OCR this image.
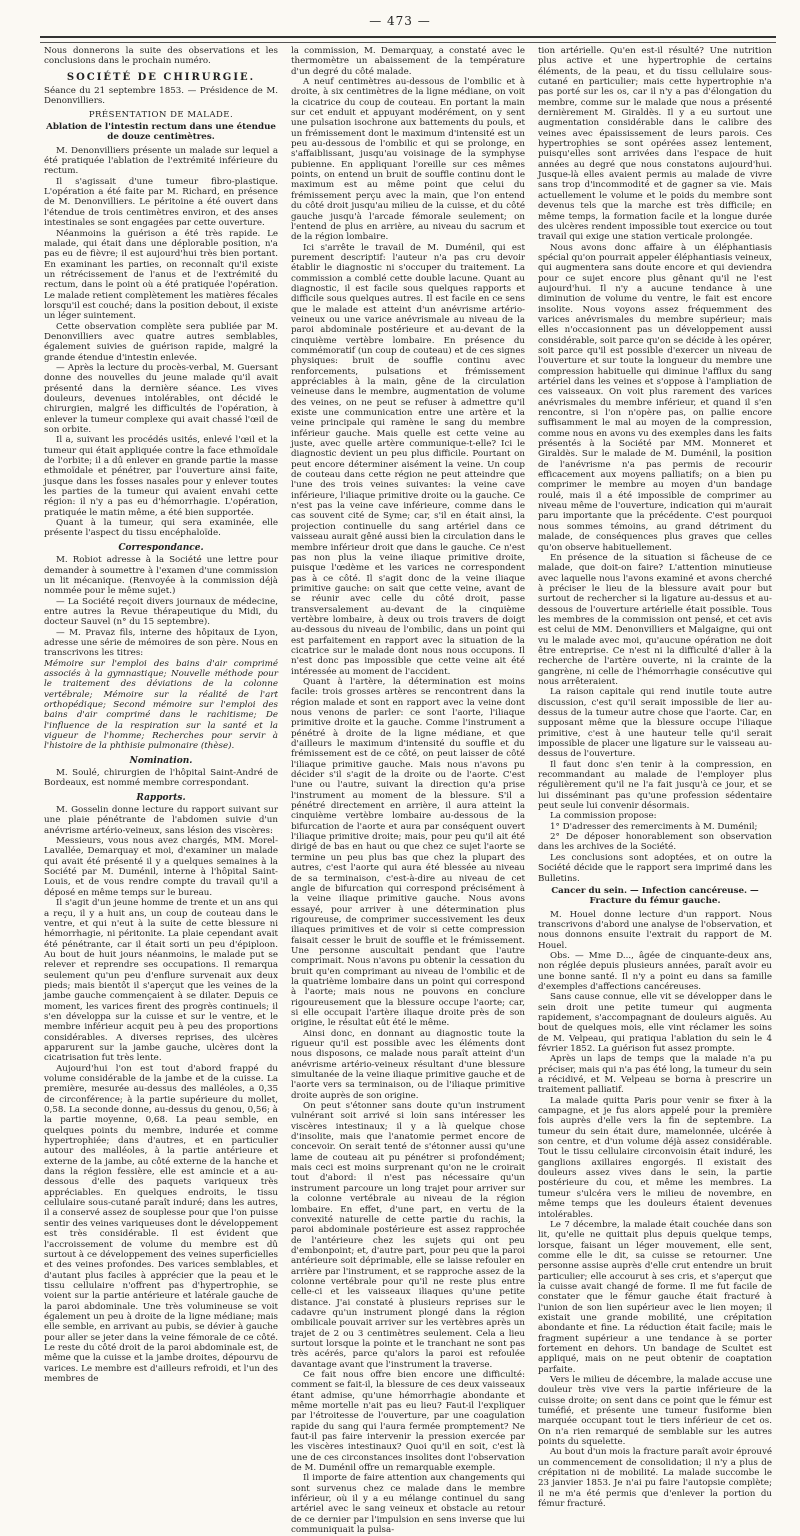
— 473 —

Nous donnerons la suite des observations et les conclusions dans le prochain numéro.

SOCIÉTÉ DE CHIRURGIE.

Séance du 21 septembre 1853. — Présidence de M. Denonvilliers.

PRÉSENTATION DE MALADE.

Ablation de l'intestin rectum dans une étendue de douze centimètres.

M. Denonvilliers présente un malade sur lequel a été pratiquée l'ablation de l'extrémité inférieure du rectum.

Il s'agissait d'une tumeur fibro-plastique. L'opération a été faite par M. Richard, en présence de M. Denonvilliers. Le péritoine a été ouvert dans l'étendue de trois centimètres environ, et des anses intestinales se sont engagées par cette ouverture.

Néanmoins la guérison a été très rapide. Le malade, qui était dans une déplorable position, n'a pas eu de fièvre; il est aujourd'hui très bien portant. En examinant les parties, on reconnaît qu'il existe un rétrécissement de l'anus et de l'extrémité du rectum, dans le point où a été pratiquée l'opération. Le malade retient complètement les matières fécales lorsqu'il est couché; dans la position debout, il existe un léger suintement.

Cette observation complète sera publiée par M. Denonvilliers avec quatre autres semblables, également suivies de guérison rapide, malgré la grande étendue d'intestin enlevée.

— Après la lecture du procès-verbal, M. Guersant donne des nouvelles du jeune malade qu'il avait présenté dans la dernière séance. Les vives douleurs, devenues intolérables, ont décidé le chirurgien, malgré les difficultés de l'opération, à enlever la tumeur complexe qui avait chassé l'œil de son orbite.

Il a, suivant les procédés usités, enlevé l'œil et la tumeur qui était appliquée contre la face ethmoïdale de l'orbite; il a dû enlever en grande partie la masse ethmoïdale et pénétrer, par l'ouverture ainsi faite, jusque dans les fosses nasales pour y enlever toutes les parties de la tumeur qui avaient envahi cette région: il n'y a pas eu d'hémorrhagie. L'opération, pratiquée le matin même, a été bien supportée.

Quant à la tumeur, qui sera examinée, elle présente l'aspect du tissu encéphaloïde.

Correspondance.

M. Robiot adresse à la Société une lettre pour demander à soumettre à l'examen d'une commission un lit mécanique. (Renvoyée à la commission déjà nommée pour le même sujet.)

— La Société reçoit divers journaux de médecine, entre autres la Revue thérapeutique du Midi, du docteur Sauvel (n° du 15 septembre).

— M. Pravaz fils, interne des hôpitaux de Lyon, adresse une série de mémoires de son père. Nous en transcrivons les titres:

Mémoire sur l'emploi des bains d'air comprimé associés à la gymnastique; Nouvelle méthode pour le traitement des déviations de la colonne vertébrale; Mémoire sur la réalité de l'art orthopédique; Second mémoire sur l'emploi des bains d'air comprimé dans le rachitisme; De l'influence de la respiration sur la santé et la vigueur de l'homme; Recherches pour servir à l'histoire de la phthisie pulmonaire (thèse).

Nomination.

M. Soulé, chirurgien de l'hôpital Saint-André de Bordeaux, est nommé membre correspondant.

Rapports.

M. Gosselin donne lecture du rapport suivant sur une plaie pénétrante de l'abdomen suivie d'un anévrisme artério-veineux, sans lésion des viscères:

Messieurs, vous nous avez chargés, MM. Morel-Lavallée, Demarquay et moi, d'examiner un malade qui avait été présenté il y a quelques semaines à la Société par M. Duménil, interne à l'hôpital Saint-Louis, et de vous rendre compte du travail qu'il a déposé en même temps sur le bureau.

Il s'agit d'un jeune homme de trente et un ans qui a reçu, il y a huit ans, un coup de couteau dans le ventre, et qui n'eut à la suite de cette blessure ni hémorrhagie, ni péritonite. La plaie cependant avait été pénétrante, car il était sorti un peu d'épiploon. Au bout de huit jours néanmoins, le malade put se relever et reprendre ses occupations. Il remarqua seulement qu'un peu d'enflure survenait aux deux pieds; mais bientôt il s'aperçut que les veines de la jambe gauche commençaient à se dilater. Depuis ce moment, les varices firent des progrès continuels; il s'en développa sur la cuisse et sur le ventre, et le membre inférieur acquit peu à peu des proportions considérables. A diverses reprises, des ulcères apparurent sur la jambe gauche, ulcères dont la cicatrisation fut très lente.

Aujourd'hui l'on est tout d'abord frappé du volume considérable de la jambe et de la cuisse. La première, mesurée au-dessus des malléoles, a 0,35 de circonférence; à la partie supérieure du mollet, 0,58. La seconde donne, au-dessus du genou, 0,56; à la partie moyenne, 0,68. La peau semble, en quelques points du membre, indurée et comme hypertrophiée; dans d'autres, et en particulier autour des malléoles, à la partie antérieure et externe de la jambe, au côté externe de la hanche et dans la région fessière, elle est amincie et a au-dessous d'elle des paquets variqueux très appréciables. En quelques endroits, le tissu cellulaire sous-cutané paraît induré; dans les autres, il a conservé assez de souplesse pour que l'on puisse sentir des veines variqueuses dont le développement est très considérable. Il est évident que l'accroissement de volume du membre est dû surtout à ce développement des veines superficielles et des veines profondes. Des varices semblables, et d'autant plus faciles à apprécier que la peau et le tissu cellulaire n'offrent pas d'hypertrophie, se voient sur la partie antérieure et latérale gauche de la paroi abdominale. Une très volumineuse se voit également un peu à droite de la ligne médiane; mais elle semble, en arrivant au pubis, se dévier à gauche pour aller se jeter dans la veine fémorale de ce côté. Le reste du côté droit de la paroi abdominale est, de même que la cuisse et la jambe droites, dépourvu de varices. Le membre est d'ailleurs refroidi, et l'un des membres de

la commission, M. Demarquay, a constaté avec le thermomètre un abaissement de la température d'un degré du côté malade.

A neuf centimètres au-dessous de l'ombilic et à droite, à six centimètres de la ligne médiane, on voit la cicatrice du coup de couteau. En portant la main sur cet enduit et appuyant modérément, on y sent une pulsation isochrone aux battements du pouls, et un frémissement dont le maximum d'intensité est un peu au-dessous de l'ombilic et qui se prolonge, en s'affaiblissant, jusqu'au voisinage de la symphyse pubienne. En appliquant l'oreille sur ces mêmes points, on entend un bruit de souffle continu dont le maximum est au même point que celui du frémissement perçu avec la main, que l'on entend du côté droit jusqu'au milieu de la cuisse, et du côté gauche jusqu'à l'arcade fémorale seulement; on l'entend de plus en arrière, au niveau du sacrum et de la région lombaire.

Ici s'arrête le travail de M. Duménil, qui est purement descriptif: l'auteur n'a pas cru devoir établir le diagnostic ni s'occuper du traitement. La commission a comblé cette double lacune. Quant au diagnostic, il est facile sous quelques rapports et difficile sous quelques autres. Il est facile en ce sens que le malade est atteint d'un anévrisme artério-veineux ou une varice anévrismale au niveau de la paroi abdominale postérieure et au-devant de la cinquième vertèbre lombaire. En présence du commémoratif (un coup de couteau) et de ces signes physiques: bruit de souffle continu avec renforcements, pulsations et frémissement appréciables à la main, gêne de la circulation veineuse dans le membre, augmentation de volume des veines, on ne peut se refuser à admettre qu'il existe une communication entre une artère et la veine principale qui ramène le sang du membre inférieur gauche. Mais quelle est cette veine au juste, avec quelle artère communique-t-elle? Ici le diagnostic devient un peu plus difficile. Pourtant on peut encore déterminer aisément la veine. Un coup de couteau dans cette région ne peut atteindre que l'une des trois veines suivantes: la veine cave inférieure, l'iliaque primitive droite ou la gauche. Ce n'est pas la veine cave inférieure, comme dans le cas souvent cité de Syme; car, s'il en était ainsi, la projection continuelle du sang artériel dans ce vaisseau aurait gêné aussi bien la circulation dans le membre inférieur droit que dans le gauche. Ce n'est pas non plus la veine iliaque primitive droite, puisque l'œdème et les varices ne correspondent pas à ce côté. Il s'agit donc de la veine iliaque primitive gauche: on sait que cette veine, avant de se réunir avec celle du côté droit, passe transversalement au-devant de la cinquième vertèbre lombaire, à deux ou trois travers de doigt au-dessous du niveau de l'ombilic, dans un point qui est parfaitement en rapport avec la situation de la cicatrice sur le malade dont nous nous occupons. Il n'est donc pas impossible que cette veine ait été intéressée au moment de l'accident.

Quant à l'artère, la détermination est moins facile: trois grosses artères se rencontrent dans la région malade et sont en rapport avec la veine dont nous venons de parler: ce sont l'aorte, l'iliaque primitive droite et la gauche. Comme l'instrument a pénétré à droite de la ligne médiane, et que d'ailleurs le maximum d'intensité du souffle et du frémissement est de ce côté, on peut laisser de côté l'iliaque primitive gauche. Mais nous n'avons pu décider s'il s'agit de la droite ou de l'aorte. C'est l'une ou l'autre, suivant la direction qu'a prise l'instrument au moment de la blessure. S'il a pénétré directement en arrière, il aura atteint la cinquième vertèbre lombaire au-dessous de la bifurcation de l'aorte et aura par conséquent ouvert l'iliaque primitive droite; mais, pour peu qu'il ait été dirigé de bas en haut ou que chez ce sujet l'aorte se termine un peu plus bas que chez la plupart des autres, c'est l'aorte qui aura été blessée au niveau de sa terminaison, c'est-à-dire au niveau de cet angle de bifurcation qui correspond précisément à la veine iliaque primitive gauche. Nous avons essayé, pour arriver à une détermination plus rigoureuse, de comprimer successivement les deux iliaques primitives et de voir si cette compression faisait cesser le bruit de souffle et le frémissement. Une personne auscultait pendant que l'autre comprimait. Nous n'avons pu obtenir la cessation du bruit qu'en comprimant au niveau de l'ombilic et de la quatrième lombaire dans un point qui correspond à l'aorte; mais nous ne pouvons en conclure rigoureusement que la blessure occupe l'aorte; car, si elle occupait l'artère iliaque droite près de son origine, le résultat eût été le même.

Ainsi donc, en donnant au diagnostic toute la rigueur qu'il est possible avec les éléments dont nous disposons, ce malade nous paraît atteint d'un anévrisme artério-veineux résultant d'une blessure simultanée de la veine iliaque primitive gauche et de l'aorte vers sa terminaison, ou de l'iliaque primitive droite auprès de son origine.

On peut s'étonner sans doute qu'un instrument vulnérant soit arrivé si loin sans intéresser les viscères intestinaux; il y a là quelque chose d'insolite, mais que l'anatomie permet encore de concevoir. On serait tenté de s'étonner aussi qu'une lame de couteau ait pu pénétrer si profondément; mais ceci est moins surprenant qu'on ne le croirait tout d'abord: il n'est pas nécessaire qu'un instrument parcoure un long trajet pour arriver sur la colonne vertébrale au niveau de la région lombaire. En effet, d'une part, en vertu de la convexité naturelle de cette partie du rachis, la paroi abdominale postérieure est assez rapprochée de l'antérieure chez les sujets qui ont peu d'embonpoint; et, d'autre part, pour peu que la paroi antérieure soit déprimable, elle se laisse refouler en arrière par l'instrument, et se rapproche assez de la colonne vertébrale pour qu'il ne reste plus entre celle-ci et les vaisseaux iliaques qu'une petite distance. J'ai constaté à plusieurs reprises sur le cadavre qu'un instrument plongé dans la région ombilicale pouvait arriver sur les vertèbres après un trajet de 2 ou 3 centimètres seulement. Cela a lieu surtout lorsque la pointe et le tranchant ne sont pas très acérés, parce qu'alors la paroi est refoulée davantage avant que l'instrument la traverse.

Ce fait nous offre bien encore une difficulté: comment se fait-il, la blessure de ces deux vaisseaux étant admise, qu'une hémorrhagie abondante et même mortelle n'ait pas eu lieu? Faut-il l'expliquer par l'étroitesse de l'ouverture, par une coagulation rapide du sang qui l'aura fermée promptement? Ne faut-il pas faire intervenir la pression exercée par les viscères intestinaux? Quoi qu'il en soit, c'est là une de ces circonstances insolites dont l'observation de M. Duménil offre un remarquable exemple.

Il importe de faire attention aux changements qui sont survenus chez ce malade dans le membre inférieur, où il y a eu mélange continuel du sang artériel avec le sang veineux et obstacle au retour de ce dernier par l'impulsion en sens inverse que lui communiquait la pulsa-

tion artérielle. Qu'en est-il résulté? Une nutrition plus active et une hypertrophie de certains éléments, de la peau, et du tissu cellulaire sous-cutané en particulier; mais cette hypertrophie n'a pas porté sur les os, car il n'y a pas d'élongation du membre, comme sur le malade que nous a présenté dernièrement M. Giraldès. Il y a eu surtout une augmentation considérable dans le calibre des veines avec épaississement de leurs parois. Ces hypertrophies se sont opérées assez lentement, puisqu'elles sont arrivées dans l'espace de huit années au degré que nous constatons aujourd'hui. Jusque-là elles avaient permis au malade de vivre sans trop d'incommodité et de gagner sa vie. Mais actuellement le volume et le poids du membre sont devenus tels que la marche est très difficile; en même temps, la formation facile et la longue durée des ulcères rendent impossible tout exercice ou tout travail qui exige une station verticale prolongée.

Nous avons donc affaire à un éléphantiasis spécial qu'on pourrait appeler éléphantiasis veineux, qui augmentera sans doute encore et qui deviendra pour ce sujet encore plus gênant qu'il ne l'est aujourd'hui. Il n'y a aucune tendance à une diminution de volume du ventre, le fait est encore insolite. Nous voyons assez fréquemment des varices anévrismales du membre supérieur; mais elles n'occasionnent pas un développement aussi considérable, soit parce qu'on se décide à les opérer, soit parce qu'il est possible d'exercer un niveau de l'ouverture et sur toute la longueur du membre une compression habituelle qui diminue l'afflux du sang artériel dans les veines et s'oppose à l'ampliation de ces vaisseaux. On voit plus rarement des varices anévrismales du membre inférieur, et quand il s'en rencontre, si l'on n'opère pas, on pallie encore suffisamment le mal au moyen de la compression, comme nous en avons vu des exemples dans les faits présentés à la Société par MM. Monneret et Giraldès. Sur le malade de M. Duménil, la position de l'anévrisme n'a pas permis de recourir efficacement aux moyens palliatifs; on a bien pu comprimer le membre au moyen d'un bandage roulé, mais il a été impossible de comprimer au niveau même de l'ouverture, indication qui m'aurait paru importante que la précédente. C'est pourquoi nous sommes témoins, au grand détriment du malade, de conséquences plus graves que celles qu'on observe habituellement.

En présence de la situation si fâcheuse de ce malade, que doit-on faire? L'attention minutieuse avec laquelle nous l'avons examiné et avons cherché à préciser le lieu de la blessure avait pour but surtout de rechercher si la ligature au-dessus et au-dessous de l'ouverture artérielle était possible. Tous les membres de la commission ont pensé, et cet avis est celui de MM. Denonvilliers et Malgaigne, qui ont vu le malade avec moi, qu'aucune opération ne doit être entreprise. Ce n'est ni la difficulté d'aller à la recherche de l'artère ouverte, ni la crainte de la gangrène, ni celle de l'hémorrhagie consécutive qui nous arrêteraient.

La raison capitale qui rend inutile toute autre discussion, c'est qu'il serait impossible de lier au-dessus de la tumeur autre chose que l'aorte. Car, en supposant même que la blessure occupe l'iliaque primitive, c'est à une hauteur telle qu'il serait impossible de placer une ligature sur le vaisseau au-dessus de l'ouverture.

Il faut donc s'en tenir à la compression, en recommandant au malade de l'employer plus régulièrement qu'il ne l'a fait jusqu'à ce jour, et se lui disséminant pas qu'une profession sédentaire peut seule lui convenir désormais.

La commission propose:

1° D'adresser des remerciments à M. Duménil;

2° De déposer honorablement son observation dans les archives de la Société.

Les conclusions sont adoptées, et on outre la Société décide que le rapport sera imprimé dans les Bulletins.

Cancer du sein. — Infection cancéreuse. — Fracture du fémur gauche.

M. Houel donne lecture d'un rapport. Nous transcrivons d'abord une analyse de l'observation, et nous donnons ensuite l'extrait du rapport de M. Houel.

Obs. — Mme D..., âgée de cinquante-deux ans, non réglée depuis plusieurs années, paraît avoir eu une bonne santé. Il n'y a point eu dans sa famille d'exemples d'affections cancéreuses.

Sans cause connue, elle vit se développer dans le sein droit une petite tumeur qui augmenta rapidement, s'accompagnant de douleurs aiguës. Au bout de quelques mois, elle vint réclamer les soins de M. Velpeau, qui pratiqua l'ablation du sein le 4 février 1852. La guérison fut assez prompte.

Après un laps de temps que la malade n'a pu préciser, mais qui n'a pas été long, la tumeur du sein a récidivé, et M. Velpeau se borna à prescrire un traitement palliatif.

La malade quitta Paris pour venir se fixer à la campagne, et je fus alors appelé pour la première fois auprès d'elle vers la fin de septembre. La tumeur du sein était dure, mamelonnée, ulcérée à son centre, et d'un volume déjà assez considérable. Tout le tissu cellulaire circonvoisin était induré, les ganglions axillaires engorgés. Il existait des douleurs assez vives dans le sein, la partie postérieure du cou, et même les membres. La tumeur s'ulcéra vers le milieu de novembre, en même temps que les douleurs étaient devenues intolérables.

Le 7 décembre, la malade était couchée dans son lit, qu'elle ne quittait plus depuis quelque temps, lorsque, faisant un léger mouvement, elle sent, comme elle le dit, sa cuisse se retourner. Une personne assise auprès d'elle crut entendre un bruit particulier; elle accourut à ses cris, et s'aperçut que la cuisse avait changé de forme. Il me fut facile de constater que le fémur gauche était fracturé à l'union de son lien supérieur avec le lien moyen; il existait une grande mobilité, une crépitation abondante et fine. La réduction était facile; mais le fragment supérieur a une tendance à se porter fortement en dehors. Un bandage de Scultet est appliqué, mais on ne peut obtenir de coaptation parfaite.

Vers le milieu de décembre, la malade accuse une douleur très vive vers la partie inférieure de la cuisse droite; on sent dans ce point que le fémur est tuméfié, et présente une tumeur fusiforme bien marquée occupant tout le tiers inférieur de cet os. On n'a rien remarqué de semblable sur les autres points du squelette.

Au bout d'un mois la fracture paraît avoir éprouvé un commencement de consolidation; il n'y a plus de crépitation ni de mobilité. La malade succombe le 23 janvier 1853. Je n'ai pu faire l'autopsie complète; il ne m'a été permis que d'enlever la portion du fémur fracturé.
